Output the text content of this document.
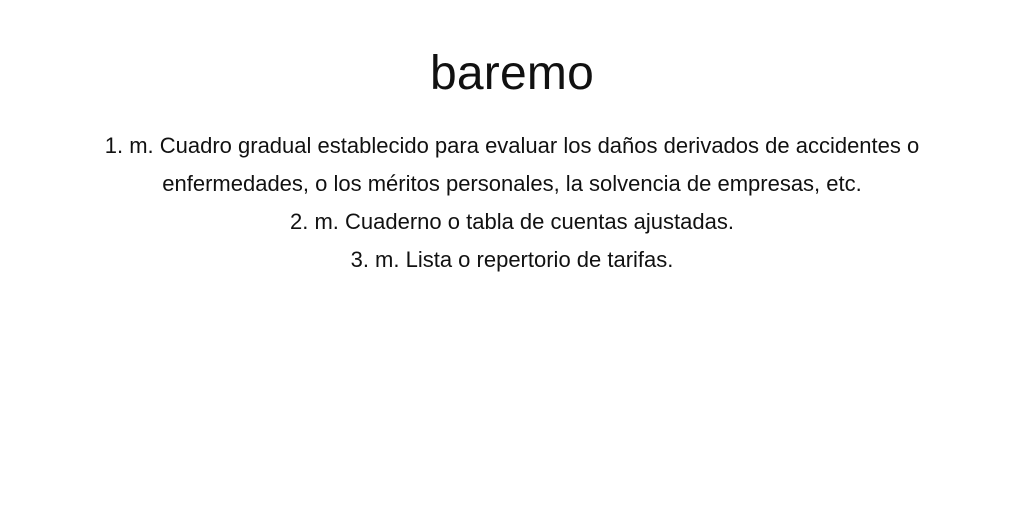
baremo
1. m. Cuadro gradual establecido para evaluar los daños derivados de accidentes o enfermedades, o los méritos personales, la solvencia de empresas, etc.
2. m. Cuaderno o tabla de cuentas ajustadas.
3. m. Lista o repertorio de tarifas.
